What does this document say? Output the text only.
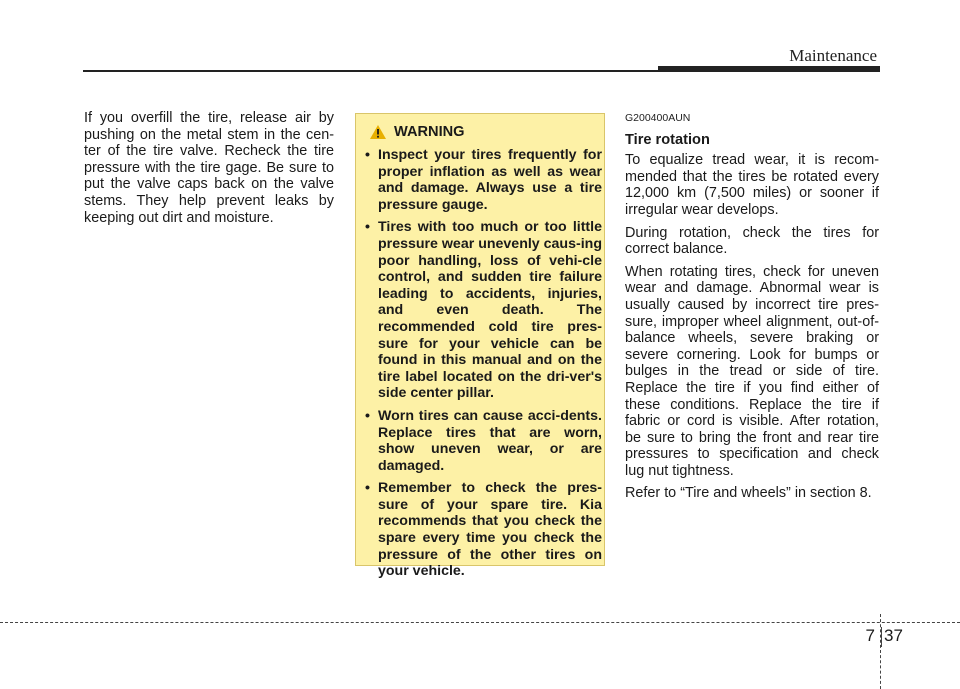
Maintenance
If you overfill the tire, release air by pushing on the metal stem in the cen-ter of the tire valve. Recheck the tire pressure with the tire gage. Be sure to put the valve caps back on the valve stems. They help prevent leaks by keeping out dirt and moisture.
WARNING
• Inspect your tires frequently for proper inflation as well as wear and damage. Always use a tire pressure gauge.
• Tires with too much or too little pressure wear unevenly caus-ing poor handling, loss of vehi-cle control, and sudden tire failure leading to accidents, injuries, and even death. The recommended cold tire pres-sure for your vehicle can be found in this manual and on the tire label located on the dri-ver's side center pillar.
• Worn tires can cause acci-dents. Replace tires that are worn, show uneven wear, or are damaged.
• Remember to check the pres-sure of your spare tire. Kia recommends that you check the spare every time you check the pressure of the other tires on your vehicle.
G200400AUN
Tire rotation

To equalize tread wear, it is recom-mended that the tires be rotated every 12,000 km (7,500 miles) or sooner if irregular wear develops.

During rotation, check the tires for correct balance.

When rotating tires, check for uneven wear and damage. Abnormal wear is usually caused by incorrect tire pres-sure, improper wheel alignment, out-of-balance wheels, severe braking or severe cornering. Look for bumps or bulges in the tread or side of tire. Replace the tire if you find either of these conditions. Replace the tire if fabric or cord is visible. After rotation, be sure to bring the front and rear tire pressures to specification and check lug nut tightness.

Refer to “Tire and wheels” in section 8.

7 37
